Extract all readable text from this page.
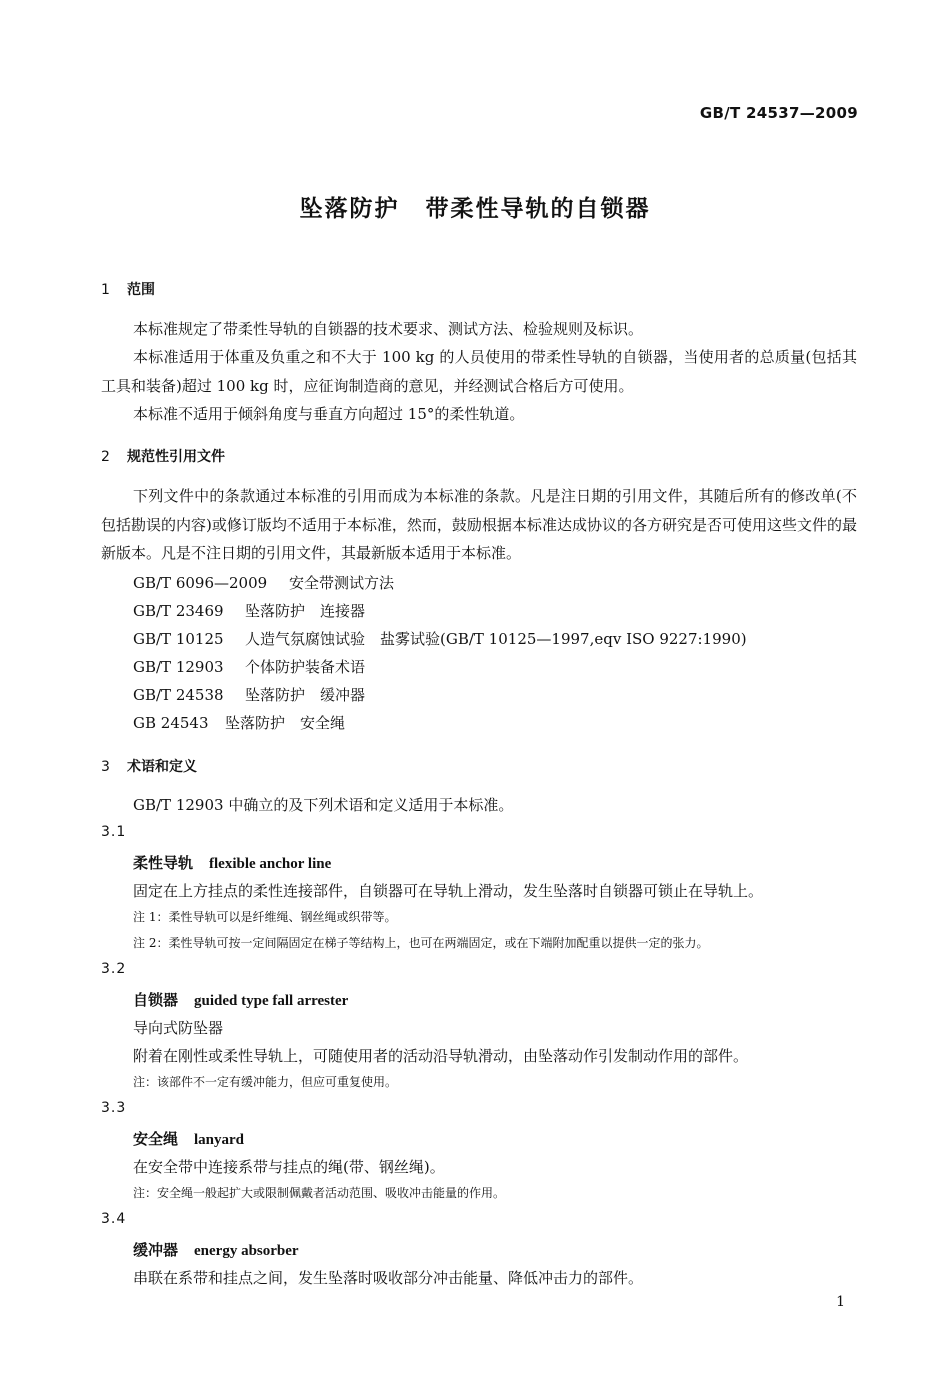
GB/T 24537—2009
坠落防护 带柔性导轨的自锁器
1 范围
本标准规定了带柔性导轨的自锁器的技术要求、测试方法、检验规则及标识。
本标准适用于体重及负重之和不大于 100 kg 的人员使用的带柔性导轨的自锁器，当使用者的总质量(包括其工具和装备)超过 100 kg 时，应征询制造商的意见，并经测试合格后方可使用。
本标准不适用于倾斜角度与垂直方向超过 15°的柔性轨道。
2 规范性引用文件
下列文件中的条款通过本标准的引用而成为本标准的条款。凡是注日期的引用文件，其随后所有的修改单(不包括勘误的内容)或修订版均不适用于本标准，然而，鼓励根据本标准达成协议的各方研究是否可使用这些文件的最新版本。凡是不注日期的引用文件，其最新版本适用于本标准。
GB/T 6096—2009 安全带测试方法
GB/T 23469 坠落防护　连接器
GB/T 10125 人造气氛腐蚀试验　盐雾试验(GB/T 10125—1997,eqv ISO 9227:1990)
GB/T 12903 个体防护装备术语
GB/T 24538 坠落防护　缓冲器
GB 24543 坠落防护　安全绳
3 术语和定义
GB/T 12903 中确立的及下列术语和定义适用于本标准。
3.1
柔性导轨 flexible anchor line
固定在上方挂点的柔性连接部件，自锁器可在导轨上滑动，发生坠落时自锁器可锁止在导轨上。
注 1：柔性导轨可以是纤维绳、钢丝绳或织带等。
注 2：柔性导轨可按一定间隔固定在梯子等结构上，也可在两端固定，或在下端附加配重以提供一定的张力。
3.2
自锁器 guided type fall arrester
导向式防坠器
附着在刚性或柔性导轨上，可随使用者的活动沿导轨滑动，由坠落动作引发制动作用的部件。
注：该部件不一定有缓冲能力，但应可重复使用。
3.3
安全绳 lanyard
在安全带中连接系带与挂点的绳(带、钢丝绳)。
注：安全绳一般起扩大或限制佩戴者活动范围、吸收冲击能量的作用。
3.4
缓冲器 energy absorber
串联在系带和挂点之间，发生坠落时吸收部分冲击能量、降低冲击力的部件。
1
